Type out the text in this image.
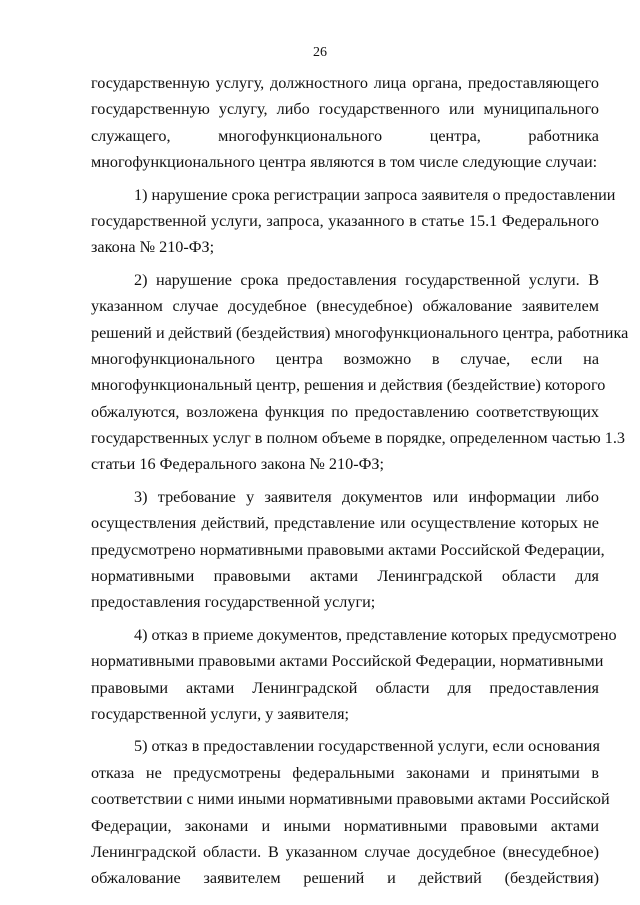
26
государственную услугу, должностного лица органа, предоставляющего
государственную услугу, либо государственного или муниципального
служащего, многофункционального центра, работника
многофункционального центра являются в том числе следующие случаи:
1) нарушение срока регистрации запроса заявителя о предоставлении
государственной услуги, запроса, указанного в статье 15.1 Федерального
закона № 210-ФЗ;
2) нарушение срока предоставления государственной услуги. В
указанном случае досудебное (внесудебное) обжалование заявителем
решений и действий (бездействия) многофункционального центра, работника
многофункционального центра возможно в случае, если на
многофункциональный центр, решения и действия (бездействие) которого
обжалуются, возложена функция по предоставлению соответствующих
государственных услуг в полном объеме в порядке, определенном частью 1.3
статьи 16 Федерального закона № 210-ФЗ;
3) требование у заявителя документов или информации либо
осуществления действий, представление или осуществление которых не
предусмотрено нормативными правовыми актами Российской Федерации,
нормативными правовыми актами Ленинградской области для
предоставления государственной услуги;
4) отказ в приеме документов, представление которых предусмотрено
нормативными правовыми актами Российской Федерации, нормативными
правовыми актами Ленинградской области для предоставления
государственной услуги, у заявителя;
5) отказ в предоставлении государственной услуги, если основания
отказа не предусмотрены федеральными законами и принятыми в
соответствии с ними иными нормативными правовыми актами Российской
Федерации, законами и иными нормативными правовыми актами
Ленинградской области. В указанном случае досудебное (внесудебное)
обжалование заявителем решений и действий (бездействия)
